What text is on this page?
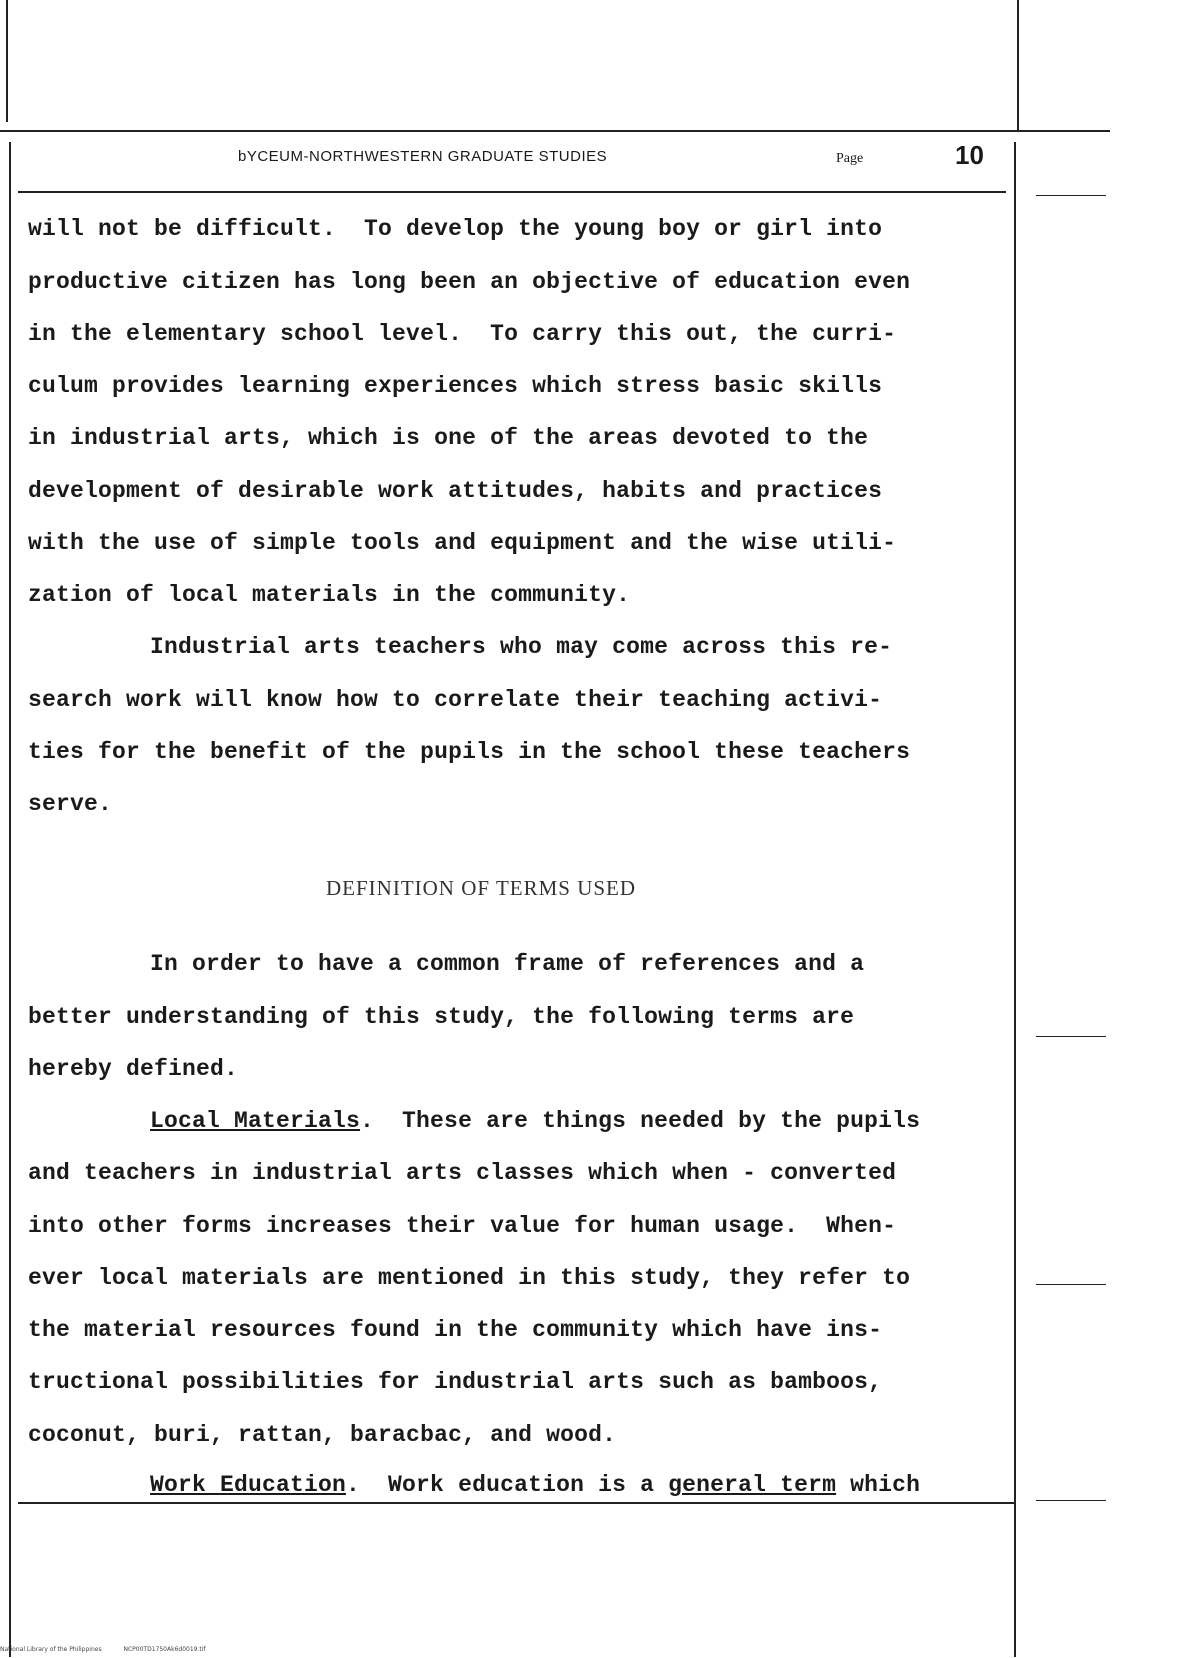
bYCEUM-NORTHWESTERN GRADUATE STUDIES	Page	10
will not be difficult.  To develop the young boy or girl into
productive citizen has long been an objective of education even
in the elementary school level.  To carry this out, the curri-
culum provides learning experiences which stress basic skills
in industrial arts, which is one of the areas devoted to the
development of desirable work attitudes, habits and practices
with the use of simple tools and equipment and the wise utili-
zation of local materials in the community.
Industrial arts teachers who may come across this re-
search work will know how to correlate their teaching activi-
ties for the benefit of the pupils in the school these teachers
serve.
DEFINITION OF TERMS USED
In order to have a common frame of references and a
better understanding of this study, the following terms are
hereby defined.
Local Materials.  These are things needed by the pupils
and teachers in industrial arts classes which when - converted
into other forms increases their value for human usage.  When-
ever local materials are mentioned in this study, they refer to
the material resources found in the community which have ins-
tructional possibilities for industrial arts such as bamboos,
coconut, buri, rattan, baracbac, and wood.
Work Education.  Work education is a general term which
National Library of the Philippines	NCP00TD1750Ak6d0019.tif
